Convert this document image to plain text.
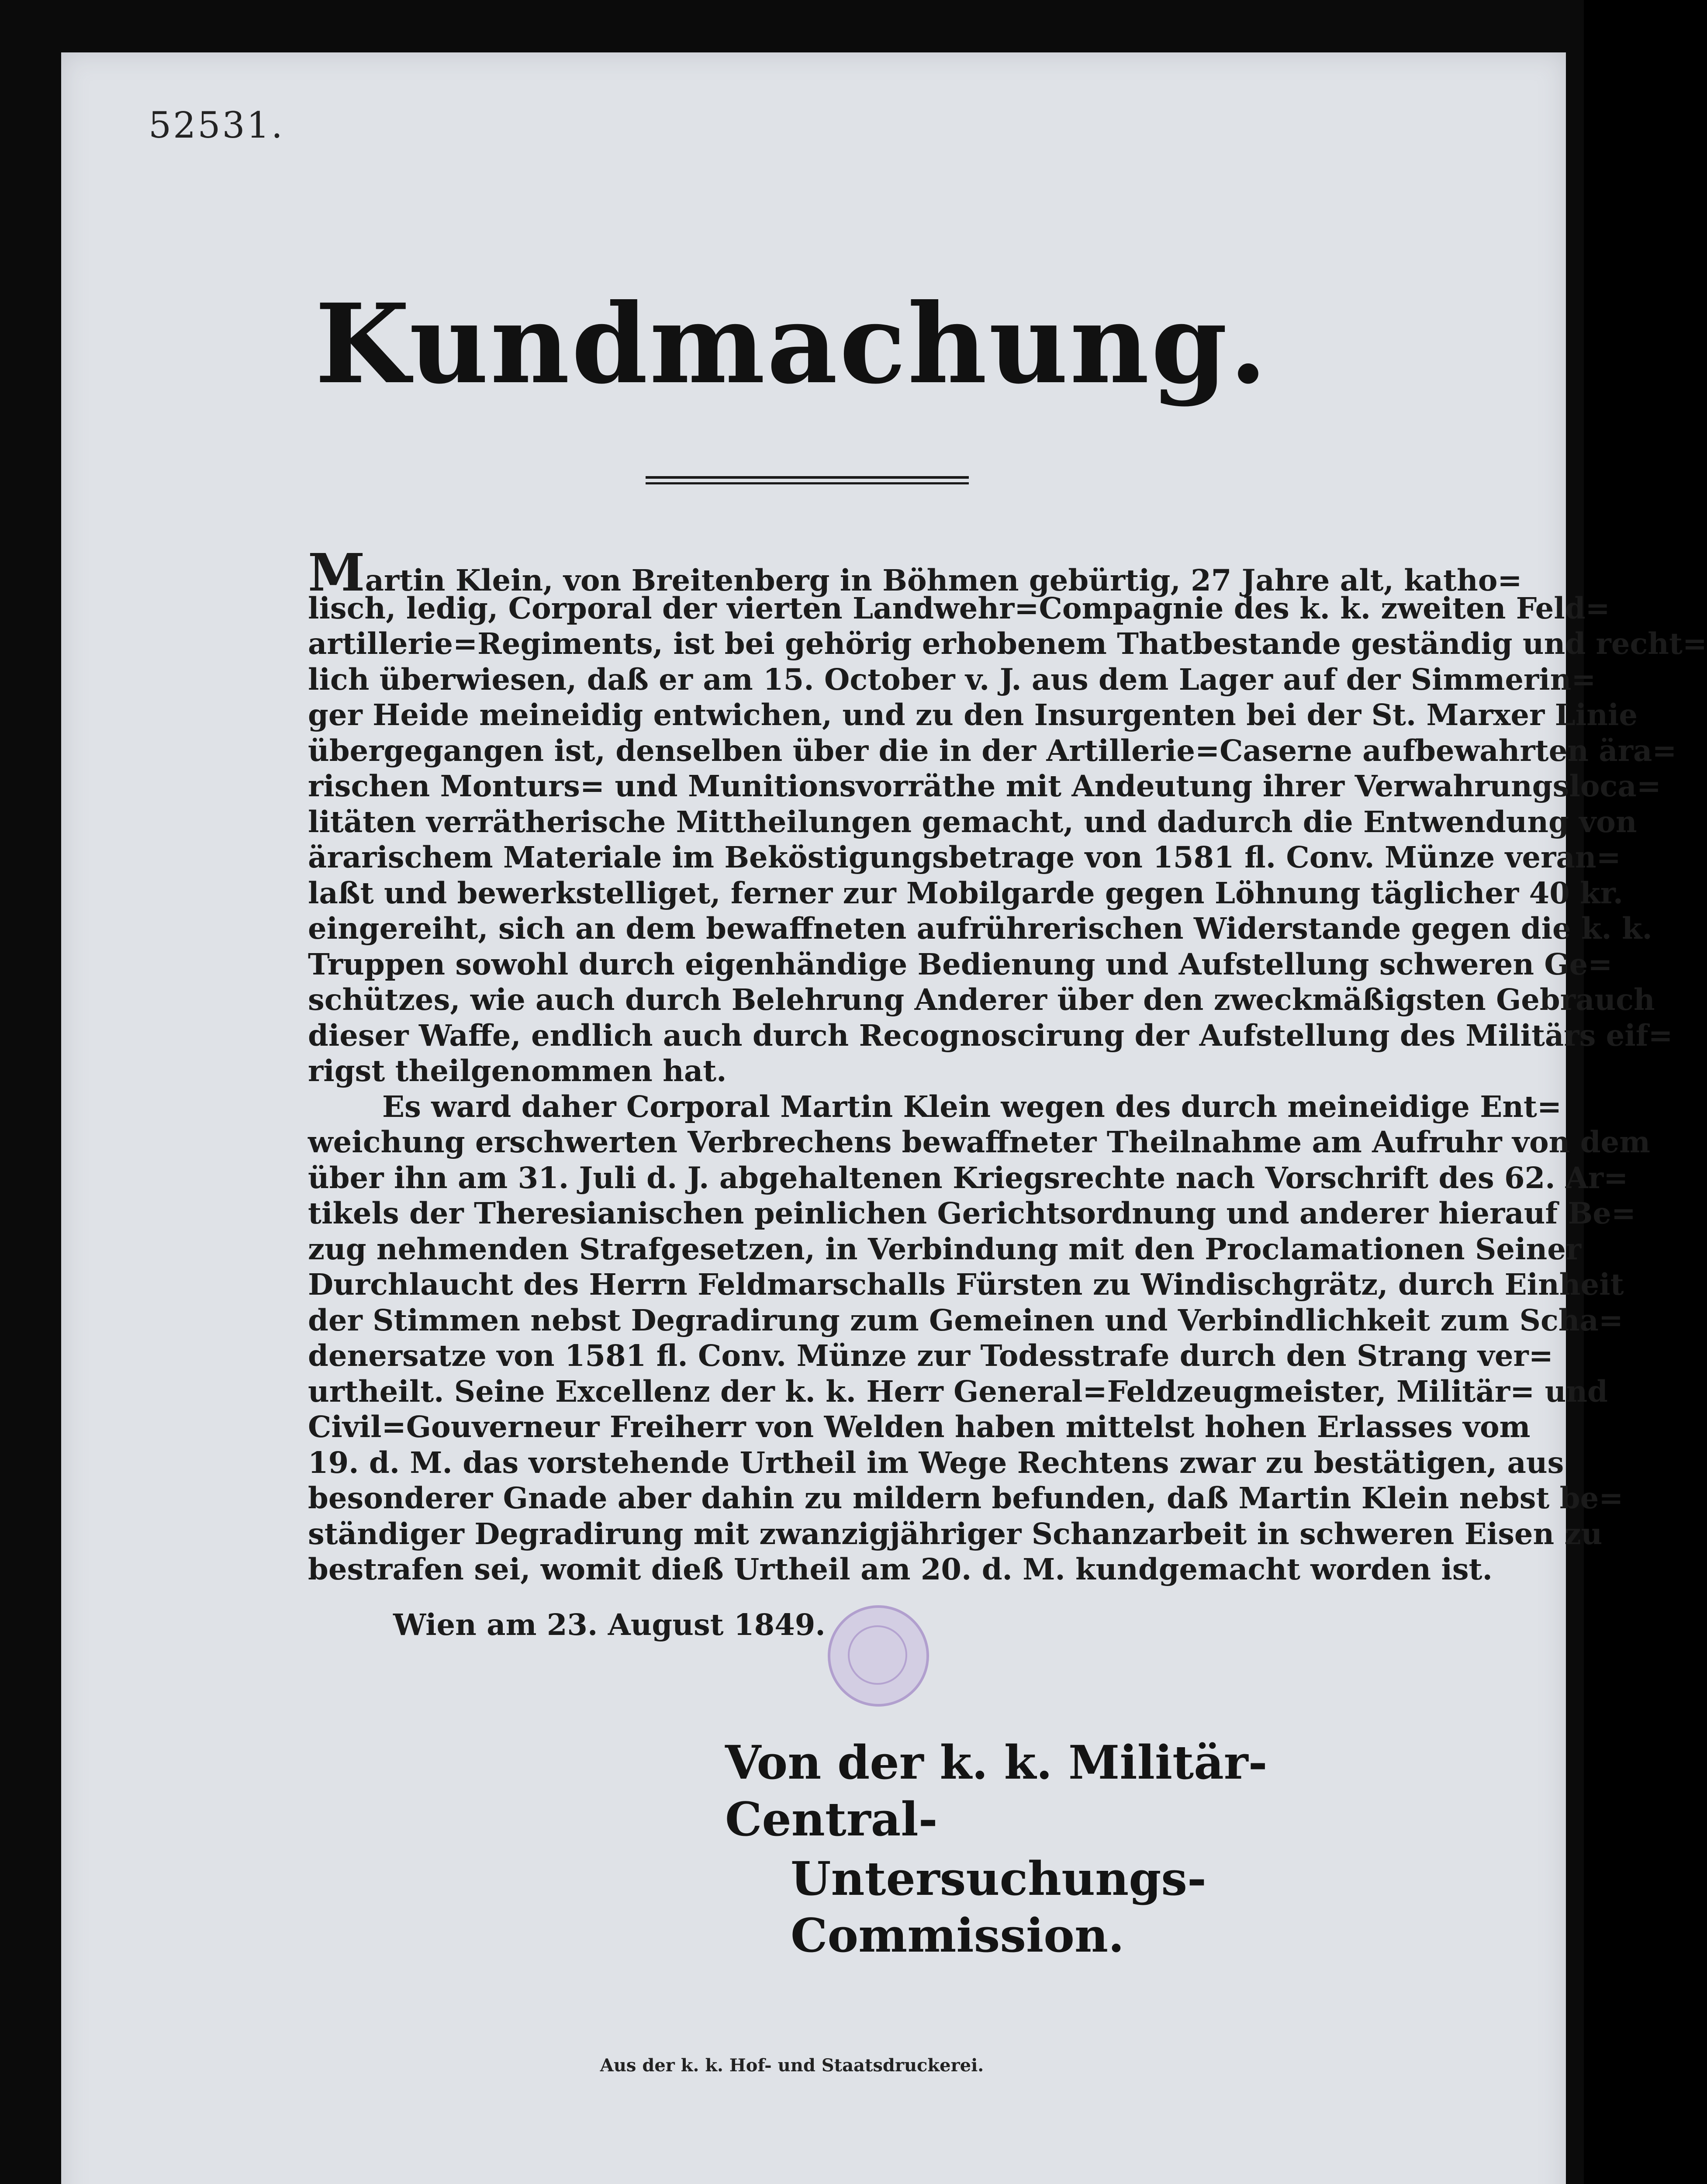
52531.
Kundmachung.
Martin Klein, von Breitenberg in Böhmen gebürtig, 27 Jahre alt, katho=
lisch, ledig, Corporal der vierten Landwehr=Compagnie des k. k. zweiten Feld=
artillerie=Regiments, ist bei gehörig erhobenem Thatbestande geständig und recht=
lich überwiesen, daß er am 15. October v. J. aus dem Lager auf der Simmerin=
ger Heide meineidig entwichen, und zu den Insurgenten bei der St. Marxer Linie
übergegangen ist, denselben über die in der Artillerie=Caserne aufbewahrten ära=
rischen Monturs= und Munitionsvorräthe mit Andeutung ihrer Verwahrungsloca=
litäten verrätherische Mittheilungen gemacht, und dadurch die Entwendung von
ärarischem Materiale im Beköstigungsbetrage von 1581 fl. Conv. Münze veran=
laßt und bewerkstelliget, ferner zur Mobilgarde gegen Löhnung täglicher 40 kr.
eingereiht, sich an dem bewaffneten aufrührerischen Widerstande gegen die k. k.
Truppen sowohl durch eigenhändige Bedienung und Aufstellung schweren Ge=
schützes, wie auch durch Belehrung Anderer über den zweckmäßigsten Gebrauch
dieser Waffe, endlich auch durch Recognoscirung der Aufstellung des Militärs eif=
rigst theilgenommen hat.
Es ward daher Corporal Martin Klein wegen des durch meineidige Ent=
weichung erschwerten Verbrechens bewaffneter Theilnahme am Aufruhr von dem
über ihn am 31. Juli d. J. abgehaltenen Kriegsrechte nach Vorschrift des 62. Ar=
tikels der Theresianischen peinlichen Gerichtsordnung und anderer hierauf Be=
zug nehmenden Strafgesetzen, in Verbindung mit den Proclamationen Seiner
Durchlaucht des Herrn Feldmarschalls Fürsten zu Windischgrätz, durch Einheit
der Stimmen nebst Degradirung zum Gemeinen und Verbindlichkeit zum Scha=
denersatze von 1581 fl. Conv. Münze zur Todesstrafe durch den Strang ver=
urtheilt. Seine Excellenz der k. k. Herr General=Feldzeugmeister, Militär= und
Civil=Gouverneur Freiherr von Welden haben mittelst hohen Erlasses vom
19. d. M. das vorstehende Urtheil im Wege Rechtens zwar zu bestätigen, aus
besonderer Gnade aber dahin zu mildern befunden, daß Martin Klein nebst be=
ständiger Degradirung mit zwanzigjähriger Schanzarbeit in schweren Eisen zu
bestrafen sei, womit dieß Urtheil am 20. d. M. kundgemacht worden ist.
Wien am 23. August 1849.
Von der k. k. Militär-Central-
Untersuchungs-Commission.
Aus der k. k. Hof- und Staatsdruckerei.
